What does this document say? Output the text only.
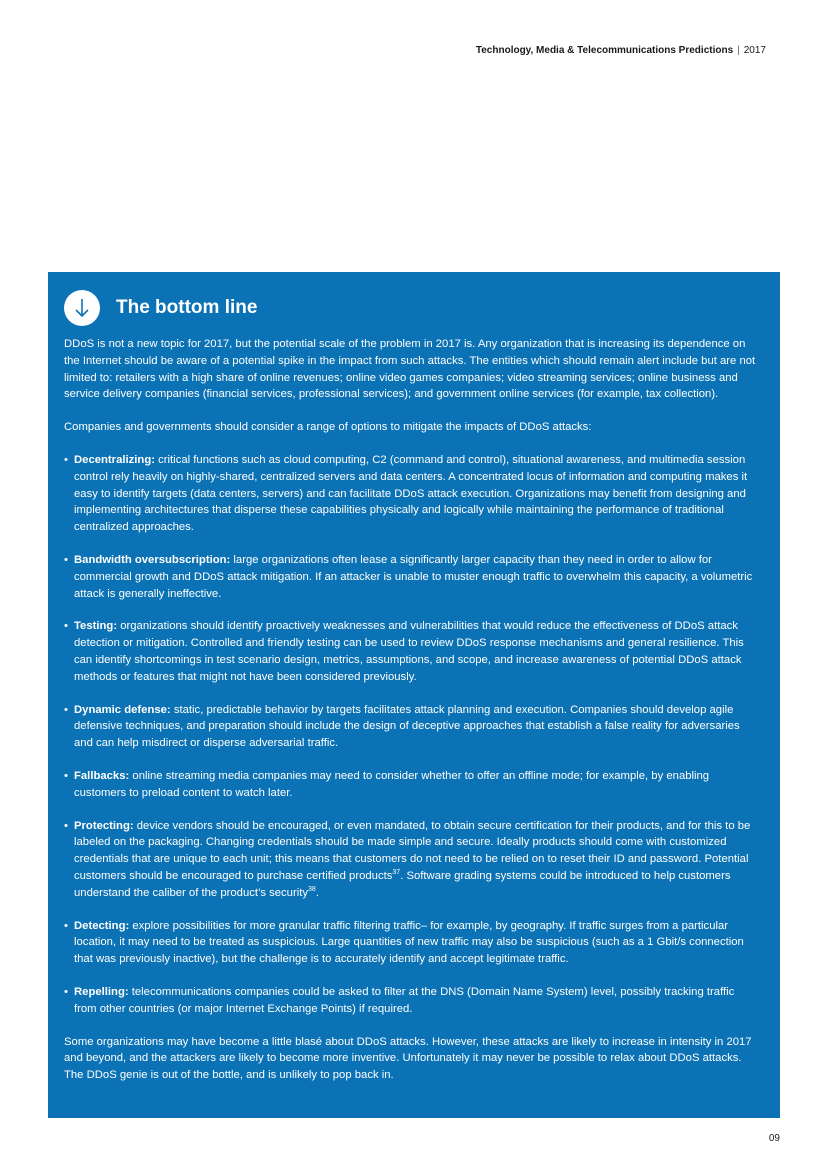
Technology, Media & Telecommunications Predictions | 2017
The bottom line

DDoS is not a new topic for 2017, but the potential scale of the problem in 2017 is. Any organization that is increasing its dependence on the Internet should be aware of a potential spike in the impact from such attacks. The entities which should remain alert include but are not limited to: retailers with a high share of online revenues; online video games companies; video streaming services; online business and service delivery companies (financial services, professional services); and government online services (for example, tax collection).

Companies and governments should consider a range of options to mitigate the impacts of DDoS attacks:

• Decentralizing: critical functions such as cloud computing, C2 (command and control), situational awareness, and multimedia session control rely heavily on highly-shared, centralized servers and data centers. A concentrated locus of information and computing makes it easy to identify targets (data centers, servers) and can facilitate DDoS attack execution. Organizations may benefit from designing and implementing architectures that disperse these capabilities physically and logically while maintaining the performance of traditional centralized approaches.
• Bandwidth oversubscription: large organizations often lease a significantly larger capacity than they need in order to allow for commercial growth and DDoS attack mitigation. If an attacker is unable to muster enough traffic to overwhelm this capacity, a volumetric attack is generally ineffective.
• Testing: organizations should identify proactively weaknesses and vulnerabilities that would reduce the effectiveness of DDoS attack detection or mitigation. Controlled and friendly testing can be used to review DDoS response mechanisms and general resilience. This can identify shortcomings in test scenario design, metrics, assumptions, and scope, and increase awareness of potential DDoS attack methods or features that might not have been considered previously.
• Dynamic defense: static, predictable behavior by targets facilitates attack planning and execution. Companies should develop agile defensive techniques, and preparation should include the design of deceptive approaches that establish a false reality for adversaries and can help misdirect or disperse adversarial traffic.
• Fallbacks: online streaming media companies may need to consider whether to offer an offline mode; for example, by enabling customers to preload content to watch later.
• Protecting: device vendors should be encouraged, or even mandated, to obtain secure certification for their products, and for this to be labeled on the packaging. Changing credentials should be made simple and secure. Ideally products should come with customized credentials that are unique to each unit; this means that customers do not need to be relied on to reset their ID and password. Potential customers should be encouraged to purchase certified products$^{37}$. Software grading systems could be introduced to help customers understand the caliber of the product’s security$^{38}$.
• Detecting: explore possibilities for more granular traffic filtering traffic– for example, by geography. If traffic surges from a particular location, it may need to be treated as suspicious. Large quantities of new traffic may also be suspicious (such as a 1 Gbit/s connection that was previously inactive), but the challenge is to accurately identify and accept legitimate traffic.
• Repelling: telecommunications companies could be asked to filter at the DNS (Domain Name System) level, possibly tracking traffic from other countries (or major Internet Exchange Points) if required.

Some organizations may have become a little blasé about DDoS attacks. However, these attacks are likely to increase in intensity in 2017 and beyond, and the attackers are likely to become more inventive. Unfortunately it may never be possible to relax about DDoS attacks. The DDoS genie is out of the bottle, and is unlikely to pop back in.

09
